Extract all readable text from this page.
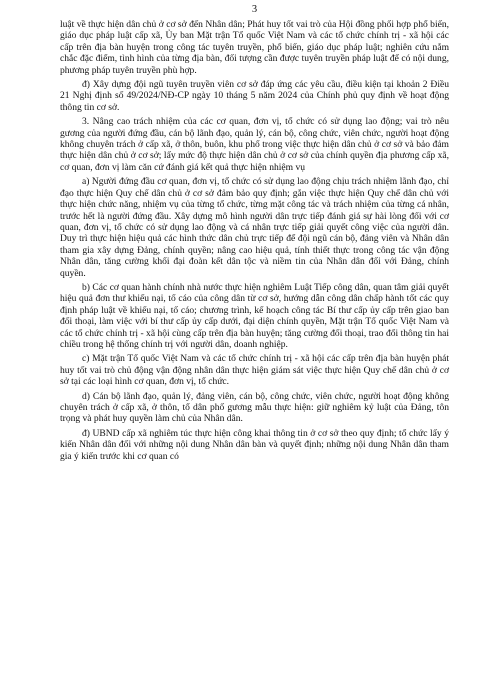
3

luật về thực hiện dân chủ ở cơ sở đến Nhân dân; Phát huy tốt vai trò của Hội đồng phối hợp phổ biến, giáo dục pháp luật cấp xã, Ủy ban Mặt trận Tổ quốc Việt Nam và các tổ chức chính trị - xã hội các cấp trên địa bàn huyện trong công tác tuyên truyền, phổ biến, giáo dục pháp luật; nghiên cứu nắm chắc đặc điểm, tình hình của từng địa bàn, đối tượng cần được tuyên truyền pháp luật để có nội dung, phương pháp tuyên truyền phù hợp.

đ) Xây dựng đội ngũ tuyên truyền viên cơ sở đáp ứng các yêu cầu, điều kiện tại khoản 2 Điều 21 Nghị định số 49/2024/NĐ-CP ngày 10 tháng 5 năm 2024 của Chính phủ quy định về hoạt động thông tin cơ sở.

3. Nâng cao trách nhiệm của các cơ quan, đơn vị, tổ chức có sử dụng lao động; vai trò nêu gương của người đứng đầu, cán bộ lãnh đạo, quản lý, cán bộ, công chức, viên chức, người hoạt động không chuyên trách ở cấp xã, ở thôn, buôn, khu phố trong việc thực hiện dân chủ ở cơ sở và bảo đảm thực hiện dân chủ ở cơ sở; lấy mức độ thực hiện dân chủ ở cơ sở của chính quyền địa phương cấp xã, cơ quan, đơn vị làm căn cứ đánh giá kết quả thực hiện nhiệm vụ

a) Người đứng đầu cơ quan, đơn vị, tổ chức có sử dụng lao động chịu trách nhiệm lãnh đạo, chỉ đạo thực hiện Quy chế dân chủ ở cơ sở đảm bảo quy định; gắn việc thực hiện Quy chế dân chủ với thực hiện chức năng, nhiệm vụ của từng tổ chức, từng mặt công tác và trách nhiệm của từng cá nhân, trước hết là người đứng đầu. Xây dựng mô hình người dân trực tiếp đánh giá sự hài lòng đối với cơ quan, đơn vị, tổ chức có sử dụng lao động và cá nhân trực tiếp giải quyết công việc của người dân. Duy trì thực hiện hiệu quả các hình thức dân chủ trực tiếp để đội ngũ cán bộ, đảng viên và Nhân dân tham gia xây dựng Đảng, chính quyền; nâng cao hiệu quả, tính thiết thực trong công tác vận động Nhân dân, tăng cường khối đại đoàn kết dân tộc và niềm tin của Nhân dân đối với Đảng, chính quyền.

b) Các cơ quan hành chính nhà nước thực hiện nghiêm Luật Tiếp công dân, quan tâm giải quyết hiệu quả đơn thư khiếu nại, tố cáo của công dân từ cơ sở, hướng dẫn công dân chấp hành tốt các quy định pháp luật về khiếu nại, tố cáo; chương trình, kế hoạch công tác Bí thư cấp ủy cấp trên giao ban đối thoại, làm việc với bí thư cấp ủy cấp dưới, đại diện chính quyền, Mặt trận Tổ quốc Việt Nam và các tổ chức chính trị - xã hội cùng cấp trên địa bàn huyện; tăng cường đối thoại, trao đổi thông tin hai chiều trong hệ thống chính trị với người dân, doanh nghiệp.

c) Mặt trận Tổ quốc Việt Nam và các tổ chức chính trị - xã hội các cấp trên địa bàn huyện phát huy tốt vai trò chủ động vận động nhân dân thực hiện giám sát việc thực hiện Quy chế dân chủ ở cơ sở tại các loại hình cơ quan, đơn vị, tổ chức.

d) Cán bộ lãnh đạo, quản lý, đảng viên, cán bộ, công chức, viên chức, người hoạt động không chuyên trách ở cấp xã, ở thôn, tổ dân phố gương mẫu thực hiện: giữ nghiêm kỷ luật của Đảng, tôn trọng và phát huy quyền làm chủ của Nhân dân.

đ) UBND cấp xã nghiêm túc thực hiện công khai thông tin ở cơ sở theo quy định; tổ chức lấy ý kiến Nhân dân đối với những nội dung Nhân dân bàn và quyết định; những nội dung Nhân dân tham gia ý kiến trước khi cơ quan có
